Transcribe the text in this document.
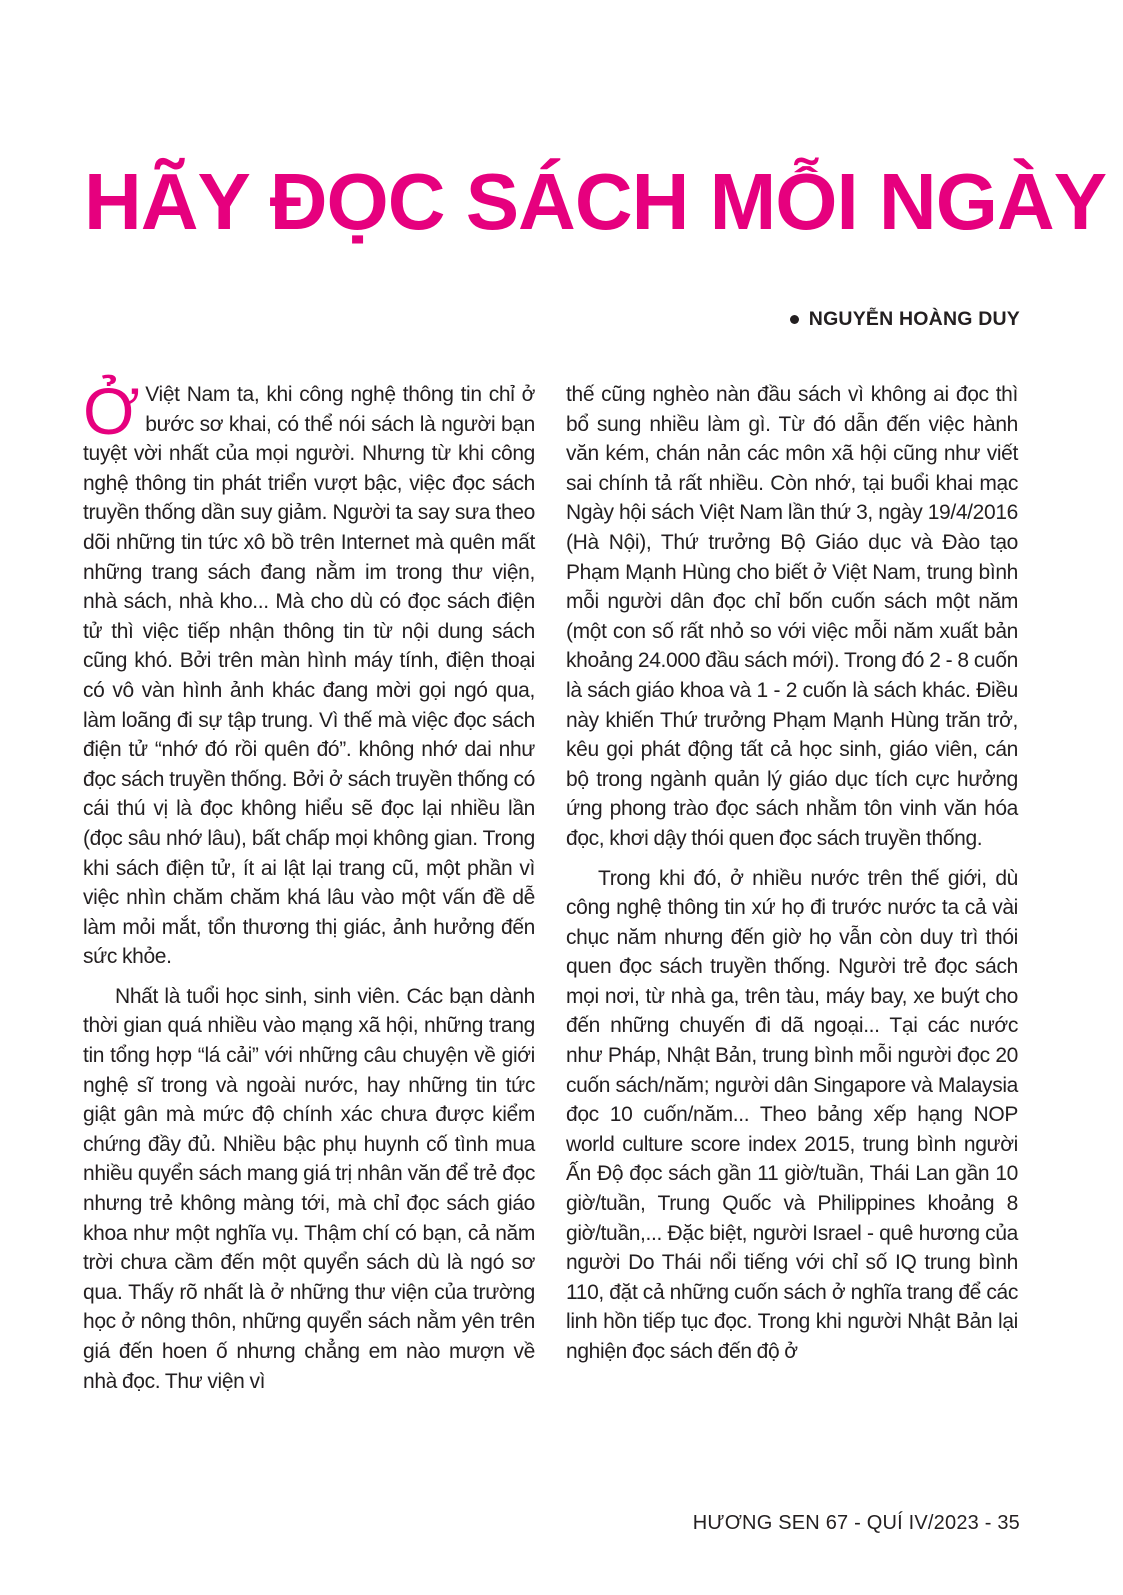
HÃY ĐỌC SÁCH MỖI NGÀY
NGUYỄN HOÀNG DUY

Ở Việt Nam ta, khi công nghệ thông tin chỉ ở bước sơ khai, có thể nói sách là người bạn tuyệt vời nhất của mọi người. Nhưng từ khi công nghệ thông tin phát triển vượt bậc, việc đọc sách truyền thống dần suy giảm. Người ta say sưa theo dõi những tin tức xô bồ trên Internet mà quên mất những trang sách đang nằm im trong thư viện, nhà sách, nhà kho... Mà cho dù có đọc sách điện tử thì việc tiếp nhận thông tin từ nội dung sách cũng khó. Bởi trên màn hình máy tính, điện thoại có vô vàn hình ảnh khác đang mời gọi ngó qua, làm loãng đi sự tập trung. Vì thế mà việc đọc sách điện tử “nhớ đó rồi quên đó”. không nhớ dai như đọc sách truyền thống. Bởi ở sách truyền thống có cái thú vị là đọc không hiểu sẽ đọc lại nhiều lần (đọc sâu nhớ lâu), bất chấp mọi không gian. Trong khi sách điện tử, ít ai lật lại trang cũ, một phần vì việc nhìn chăm chăm khá lâu vào một vấn đề dễ làm mỏi mắt, tổn thương thị giác, ảnh hưởng đến sức khỏe.

Nhất là tuổi học sinh, sinh viên. Các bạn dành thời gian quá nhiều vào mạng xã hội, những trang tin tổng hợp “lá cải” với những câu chuyện về giới nghệ sĩ trong và ngoài nước, hay những tin tức giật gân mà mức độ chính xác chưa được kiểm chứng đầy đủ. Nhiều bậc phụ huynh cố tình mua nhiều quyển sách mang giá trị nhân văn để trẻ đọc nhưng trẻ không màng tới, mà chỉ đọc sách giáo khoa như một nghĩa vụ. Thậm chí có bạn, cả năm trời chưa cầm đến một quyển sách dù là ngó sơ qua. Thấy rõ nhất là ở những thư viện của trường học ở nông thôn, những quyển sách nằm yên trên giá đến hoen ố nhưng chẳng em nào mượn về nhà đọc. Thư viện vì

thế cũng nghèo nàn đầu sách vì không ai đọc thì bổ sung nhiều làm gì. Từ đó dẫn đến việc hành văn kém, chán nản các môn xã hội cũng như viết sai chính tả rất nhiều. Còn nhớ, tại buổi khai mạc Ngày hội sách Việt Nam lần thứ 3, ngày 19/4/2016 (Hà Nội), Thứ trưởng Bộ Giáo dục và Đào tạo Phạm Mạnh Hùng cho biết ở Việt Nam, trung bình mỗi người dân đọc chỉ bốn cuốn sách một năm (một con số rất nhỏ so với việc mỗi năm xuất bản khoảng 24.000 đầu sách mới). Trong đó 2 - 8 cuốn là sách giáo khoa và 1 - 2 cuốn là sách khác. Điều này khiến Thứ trưởng Phạm Mạnh Hùng trăn trở, kêu gọi phát động tất cả học sinh, giáo viên, cán bộ trong ngành quản lý giáo dục tích cực hưởng ứng phong trào đọc sách nhằm tôn vinh văn hóa đọc, khơi dậy thói quen đọc sách truyền thống.

Trong khi đó, ở nhiều nước trên thế giới, dù công nghệ thông tin xứ họ đi trước nước ta cả vài chục năm nhưng đến giờ họ vẫn còn duy trì thói quen đọc sách truyền thống. Người trẻ đọc sách mọi nơi, từ nhà ga, trên tàu, máy bay, xe buýt cho đến những chuyến đi dã ngoại... Tại các nước như Pháp, Nhật Bản, trung bình mỗi người đọc 20 cuốn sách/năm; người dân Singapore và Malaysia đọc 10 cuốn/năm... Theo bảng xếp hạng NOP world culture score index 2015, trung bình người Ấn Độ đọc sách gần 11 giờ/tuần, Thái Lan gần 10 giờ/tuần, Trung Quốc và Philippines khoảng 8 giờ/tuần,... Đặc biệt, người Israel - quê hương của người Do Thái nổi tiếng với chỉ số IQ trung bình 110, đặt cả những cuốn sách ở nghĩa trang để các linh hồn tiếp tục đọc. Trong khi người Nhật Bản lại nghiện đọc sách đến độ ở

HƯƠNG SEN 67 - QUÍ IV/2023 - 35
